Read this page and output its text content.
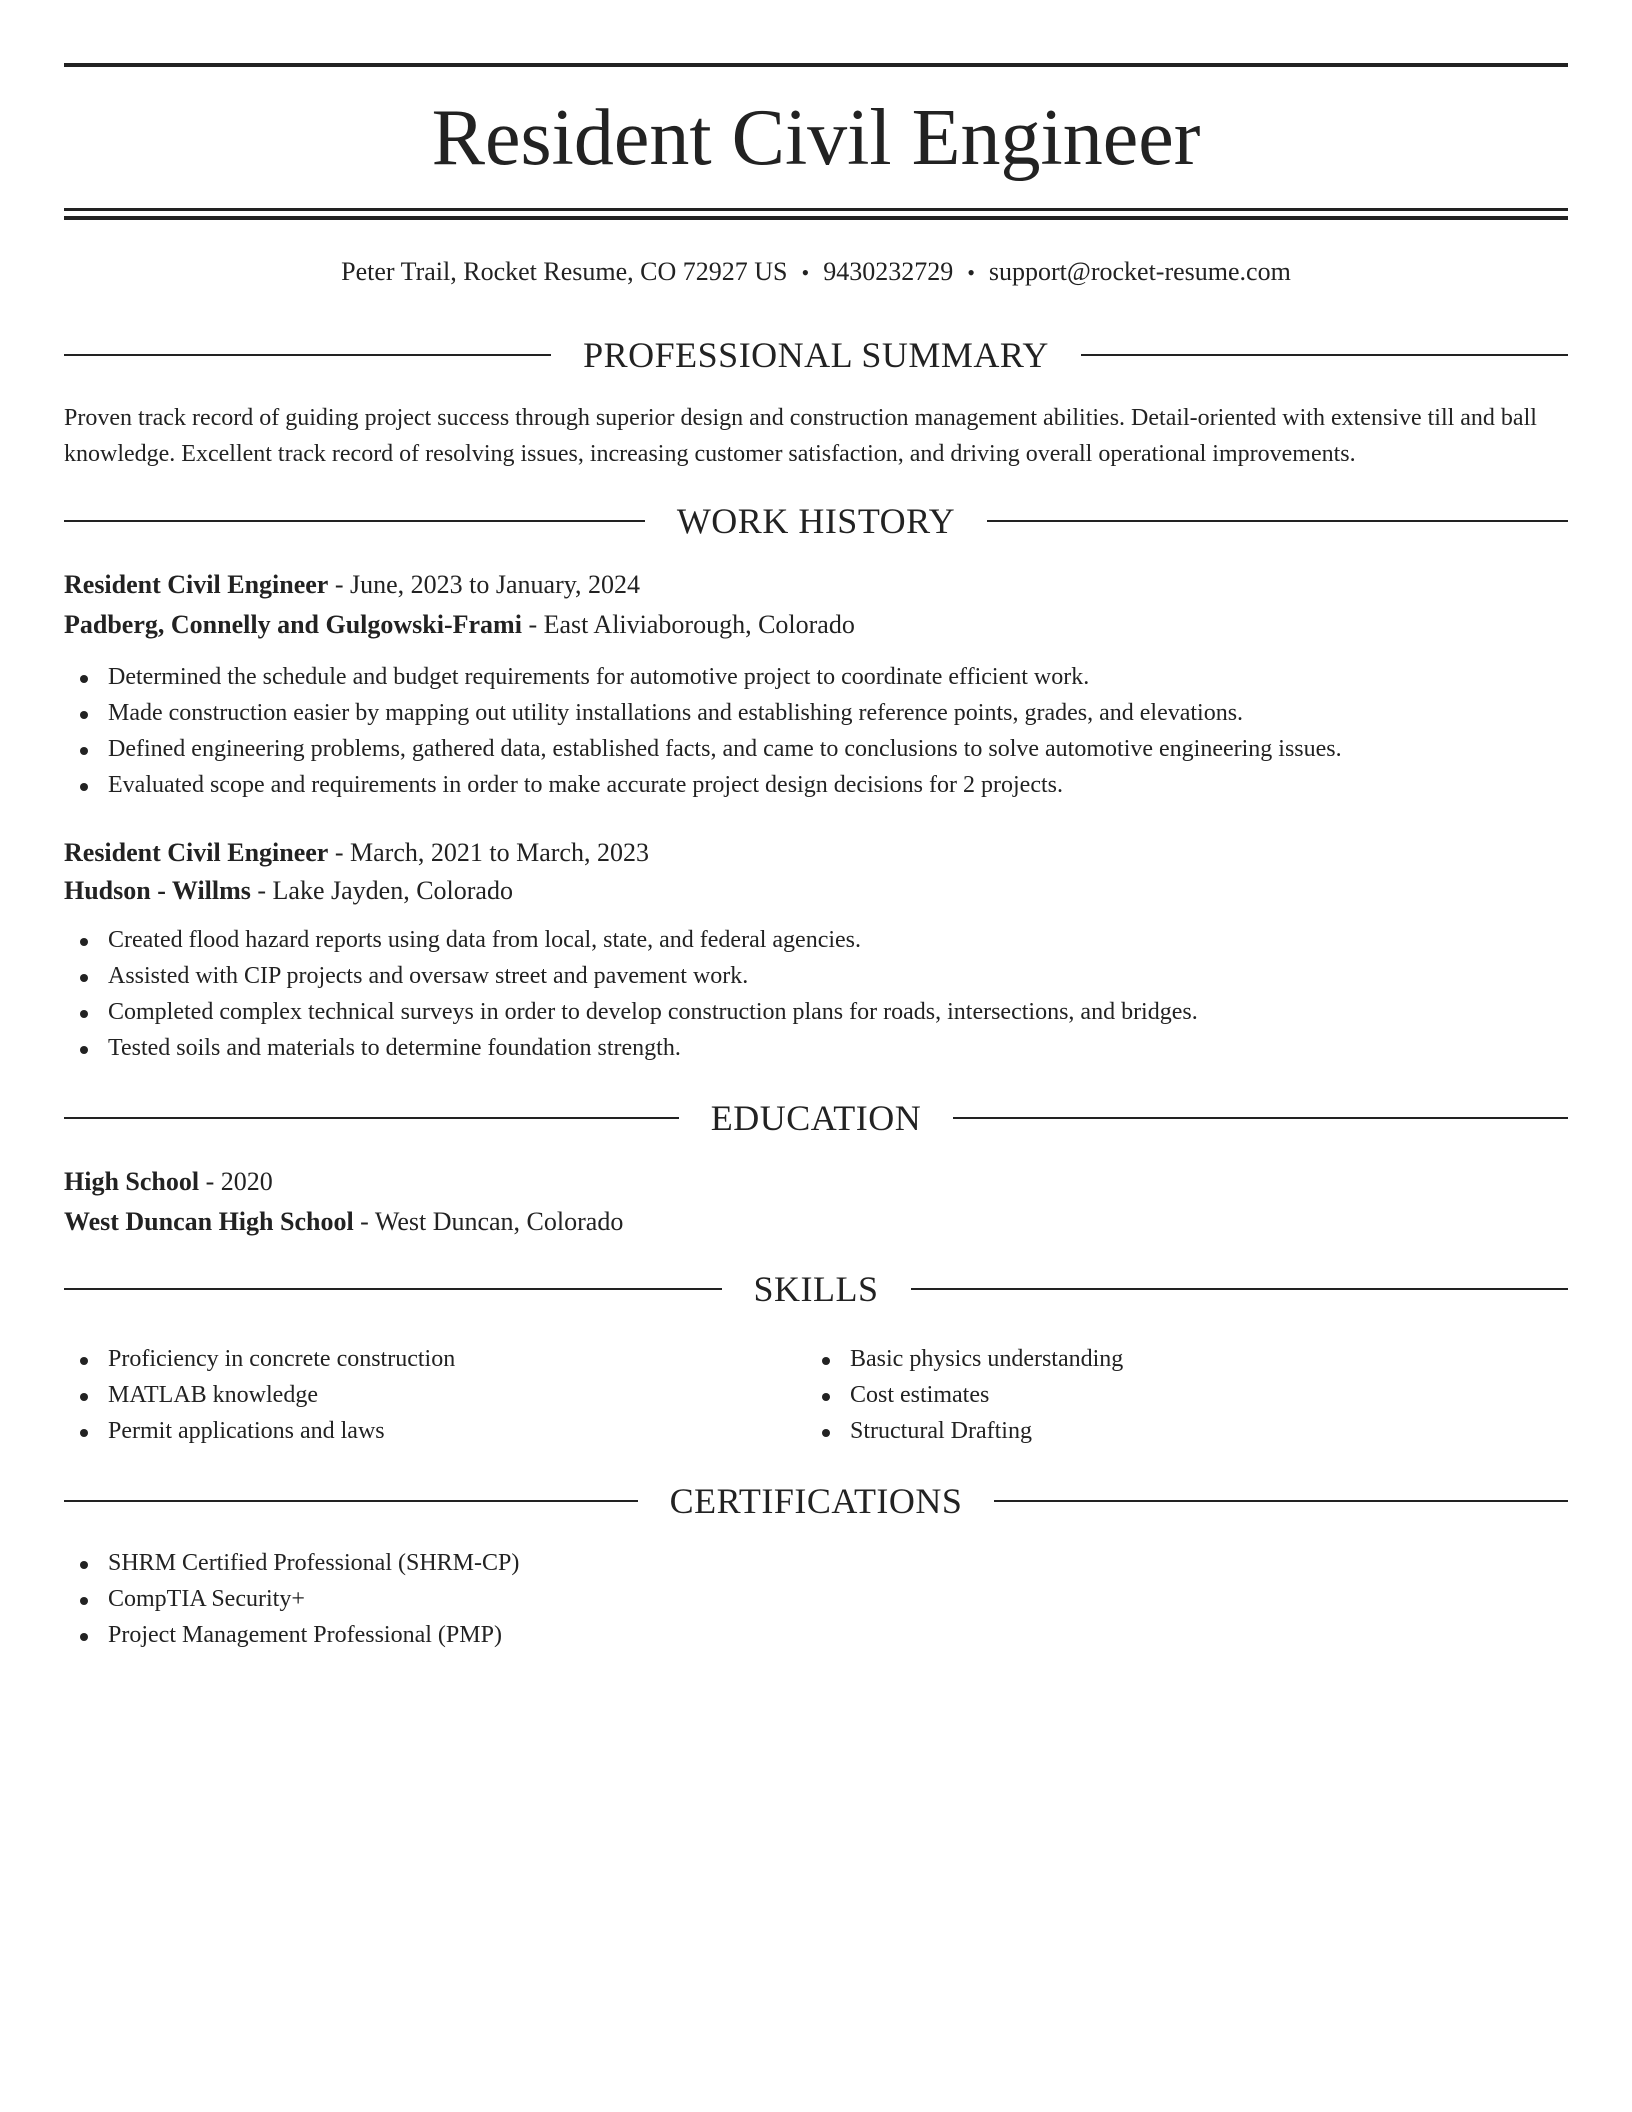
Resident Civil Engineer
Peter Trail, Rocket Resume, CO 72927 US • 9430232729 • support@rocket-resume.com
PROFESSIONAL SUMMARY

Proven track record of guiding project success through superior design and construction management abilities. Detail-oriented with extensive till and ball knowledge. Excellent track record of resolving issues, increasing customer satisfaction, and driving overall operational improvements.

WORK HISTORY
Resident Civil Engineer - June, 2023 to January, 2024
Padberg, Connelly and Gulgowski-Frami - East Aliviaborough, Colorado
Determined the schedule and budget requirements for automotive project to coordinate efficient work.
Made construction easier by mapping out utility installations and establishing reference points, grades, and elevations.
Defined engineering problems, gathered data, established facts, and came to conclusions to solve automotive engineering issues.
Evaluated scope and requirements in order to make accurate project design decisions for 2 projects.
Resident Civil Engineer - March, 2021 to March, 2023
Hudson - Willms - Lake Jayden, Colorado
Created flood hazard reports using data from local, state, and federal agencies.
Assisted with CIP projects and oversaw street and pavement work.
Completed complex technical surveys in order to develop construction plans for roads, intersections, and bridges.
Tested soils and materials to determine foundation strength.
EDUCATION
High School - 2020
West Duncan High School - West Duncan, Colorado
SKILLS
Proficiency in concrete construction
MATLAB knowledge
Permit applications and laws
Basic physics understanding
Cost estimates
Structural Drafting
CERTIFICATIONS
SHRM Certified Professional (SHRM-CP)
CompTIA Security+
Project Management Professional (PMP)
